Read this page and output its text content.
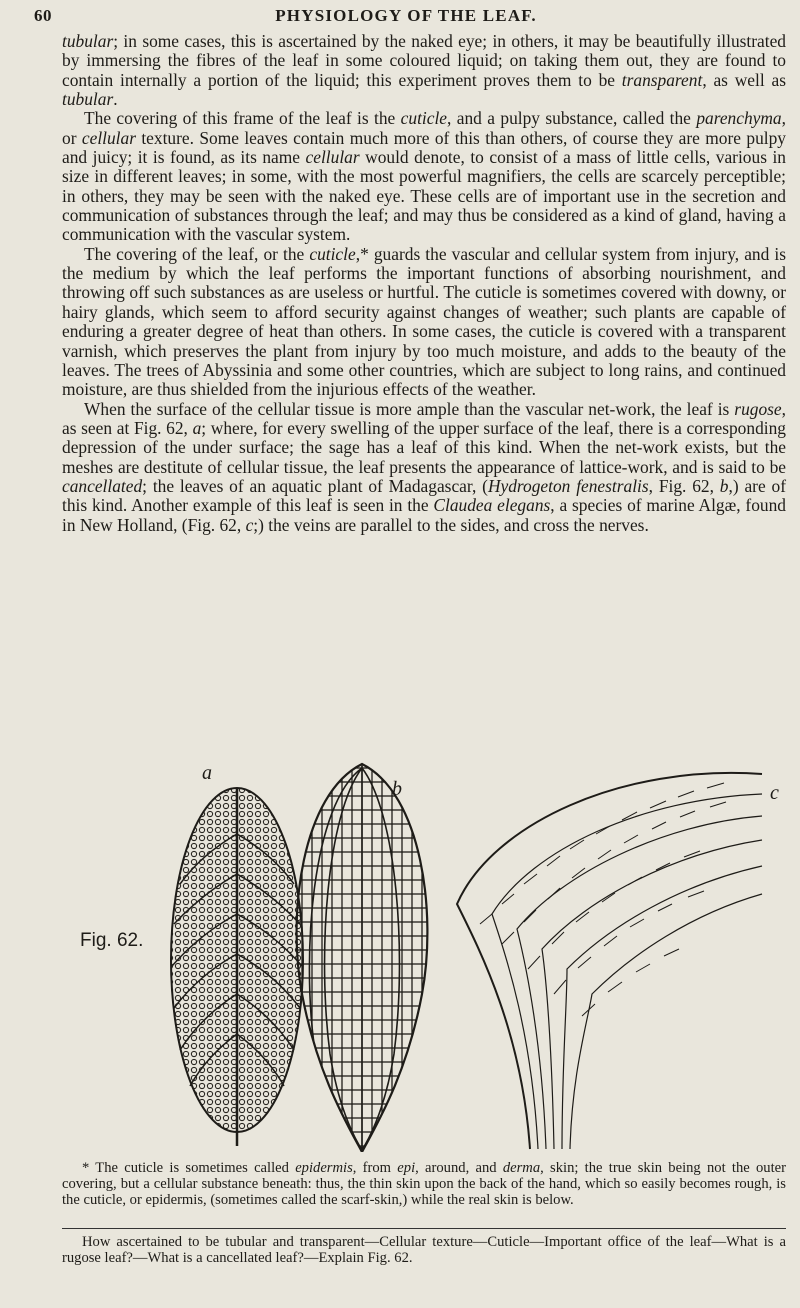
60	PHYSIOLOGY OF THE LEAF.

tubular; in some cases, this is ascertained by the naked eye; in others, it may be beautifully illustrated by immersing the fibres of the leaf in some coloured liquid; on taking them out, they are found to contain internally a portion of the liquid; this experiment proves them to be transparent, as well as tubular.

The covering of this frame of the leaf is the cuticle, and a pulpy substance, called the parenchyma, or cellular texture. Some leaves contain much more of this than others, of course they are more pulpy and juicy; it is found, as its name cellular would denote, to consist of a mass of little cells, various in size in different leaves; in some, with the most powerful magnifiers, the cells are scarcely perceptible; in others, they may be seen with the naked eye. These cells are of important use in the secretion and communication of substances through the leaf; and may thus be considered as a kind of gland, having a communication with the vascular system.

The covering of the leaf, or the cuticle,* guards the vascular and cellular system from injury, and is the medium by which the leaf performs the important functions of absorbing nourishment, and throwing off such substances as are useless or hurtful. The cuticle is sometimes covered with downy, or hairy glands, which seem to afford security against changes of weather; such plants are capable of enduring a greater degree of heat than others. In some cases, the cuticle is covered with a transparent varnish, which preserves the plant from injury by too much moisture, and adds to the beauty of the leaves. The trees of Abyssinia and some other countries, which are subject to long rains, and continued moisture, are thus shielded from the injurious effects of the weather.

When the surface of the cellular tissue is more ample than the vascular net-work, the leaf is rugose, as seen at Fig. 62, a; where, for every swelling of the upper surface of the leaf, there is a corresponding depression of the under surface; the sage has a leaf of this kind. When the net-work exists, but the meshes are destitute of cellular tissue, the leaf presents the appearance of lattice-work, and is said to be cancellated; the leaves of an aquatic plant of Madagascar, (Hydrogeton fenestralis, Fig. 62, b,) are of this kind. Another example of this leaf is seen in the Claudea elegans, a species of marine Algæ, found in New Holland, (Fig. 62, c;) the veins are parallel to the sides, and cross the nerves.

Fig. 62.
a
b	c
* The cuticle is sometimes called epidermis, from epi, around, and derma, skin; the true skin being not the outer covering, but a cellular substance beneath: thus, the thin skin upon the back of the hand, which so easily becomes rough, is the cuticle, or epidermis, (sometimes called the scarf-skin,) while the real skin is below.
How ascertained to be tubular and transparent—Cellular texture—Cuticle—Important office of the leaf—What is a rugose leaf?—What is a cancellated leaf?—Explain Fig. 62.
